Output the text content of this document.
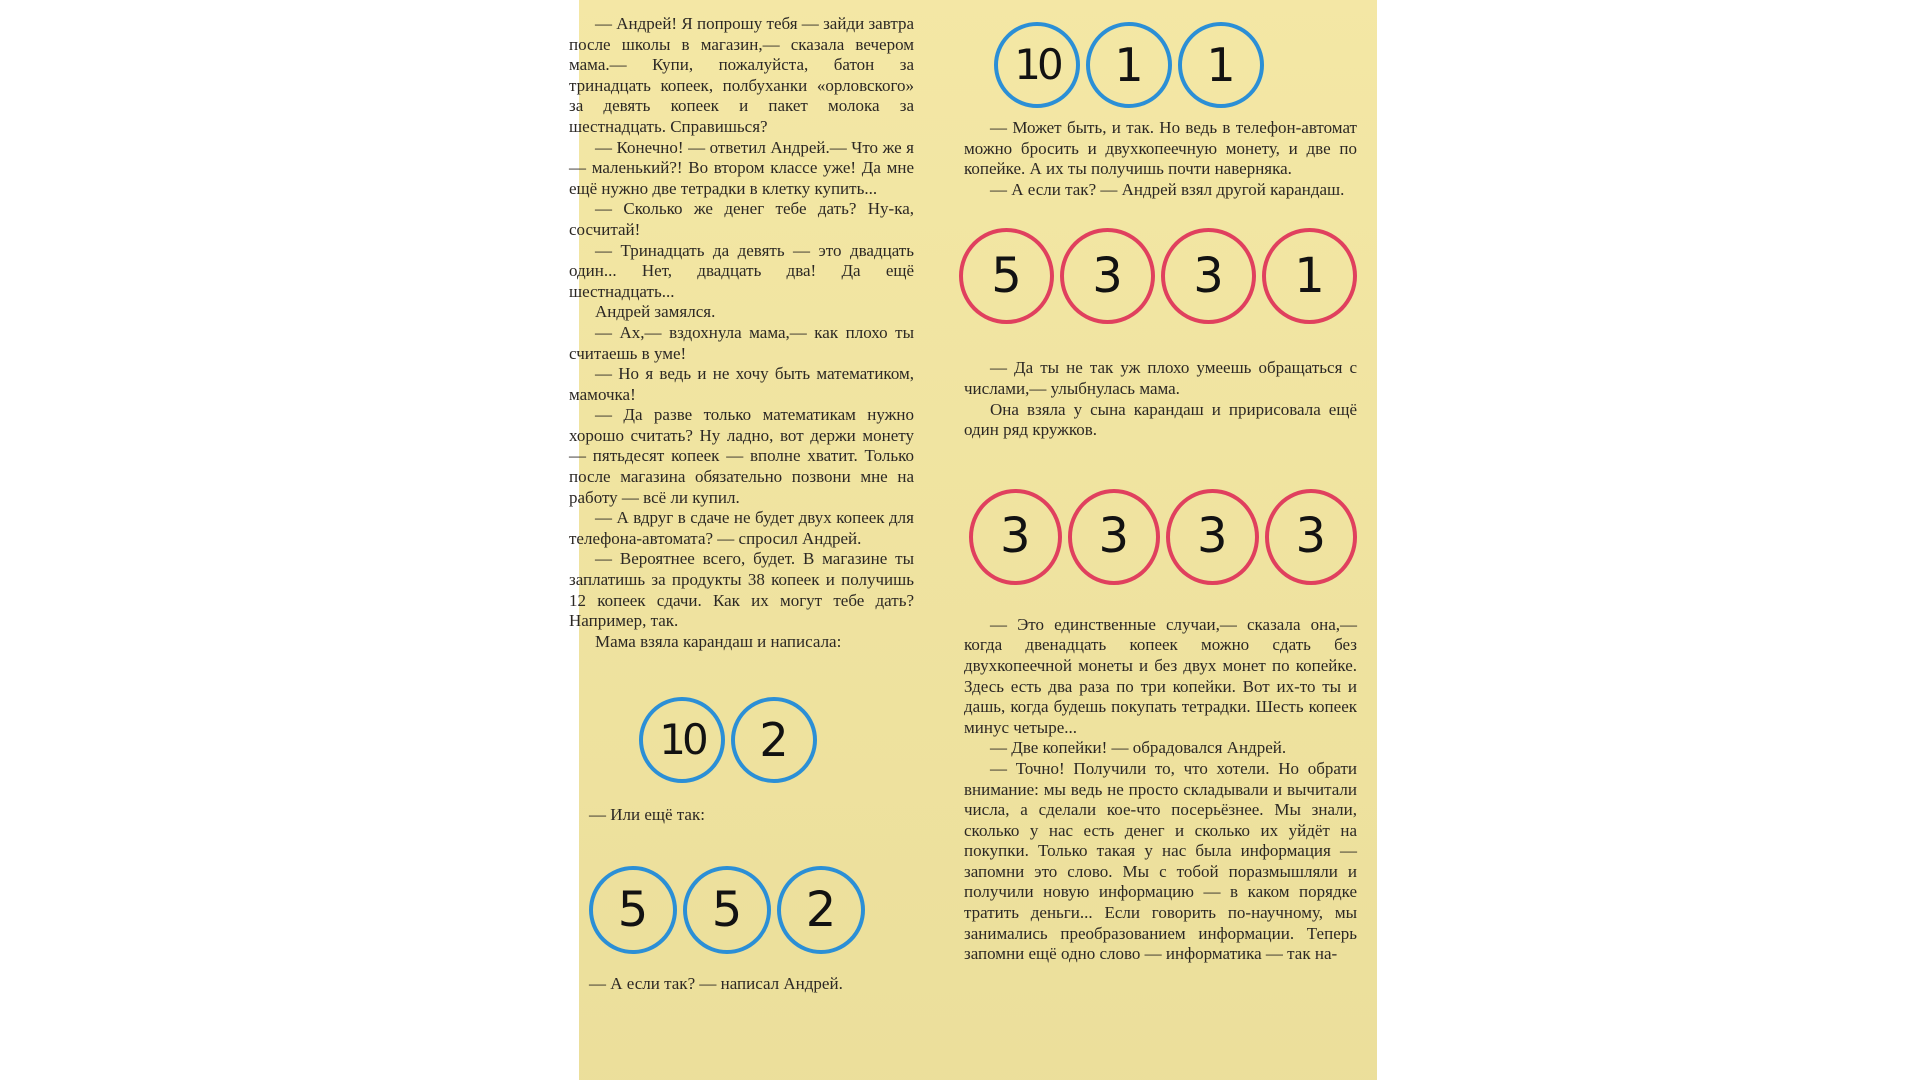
— Андрей! Я попрошу тебя — зайди завтра после школы в магазин,— сказала вечером мама.— Купи, пожалуйста, батон за тринадцать копеек, полбуханки «орловского» за девять копеек и пакет молока за шестнадцать. Справишься?

— Конечно! — ответил Андрей.— Что же я — маленький?! Во втором классе уже! Да мне ещё нужно две тетрадки в клетку купить...

— Сколько же денег тебе дать? Ну-ка, сосчитай!

— Тринадцать да девять — это двадцать один... Нет, двадцать два! Да ещё шестнадцать...

Андрей замялся.

— Ах,— вздохнула мама,— как плохо ты считаешь в уме!

— Но я ведь и не хочу быть математиком, мамочка!

— Да разве только математикам нужно хорошо считать? Ну ладно, вот держи монету — пятьдесят копеек — вполне хватит. Только после магазина обязательно позвони мне на работу — всё ли купил.

— А вдруг в сдаче не будет двух копеек для телефона-автомата? — спросил Андрей.

— Вероятнее всего, будет. В магазине ты заплатишь за продукты 38 копеек и получишь 12 копеек сдачи. Как их могут тебе дать? Например, так.

Мама взяла карандаш и написала:

10	2

— Или ещё так:

5	5	2

— А если так? — написал Андрей.

10	1	1

— Может быть, и так. Но ведь в телефон-автомат можно бросить и двухкопеечную монету, и две по копейке. А их ты получишь почти наверняка.

— А если так? — Андрей взял другой карандаш.

5	3	3	1

— Да ты не так уж плохо умеешь обращаться с числами,— улыбнулась мама.

Она взяла у сына карандаш и пририсовала ещё один ряд кружков.

3	3	3	3

— Это единственные случаи,— сказала она,— когда двенадцать копеек можно сдать без двухкопеечной монеты и без двух монет по копейке. Здесь есть два раза по три копейки. Вот их-то ты и дашь, когда будешь покупать тетрадки. Шесть копеек минус четыре...

— Две копейки! — обрадовался Андрей.

— Точно! Получили то, что хотели. Но обрати внимание: мы ведь не просто складывали и вычитали числа, а сделали кое-что посерьёзнее. Мы знали, сколько у нас есть денег и сколько их уйдёт на покупки. Только такая у нас была информация — запомни это слово. Мы с тобой поразмышляли и получили новую информацию — в каком порядке тратить деньги... Если говорить по-научному, мы занимались преобразованием информации. Теперь запомни ещё одно слово — информатика — так на-
